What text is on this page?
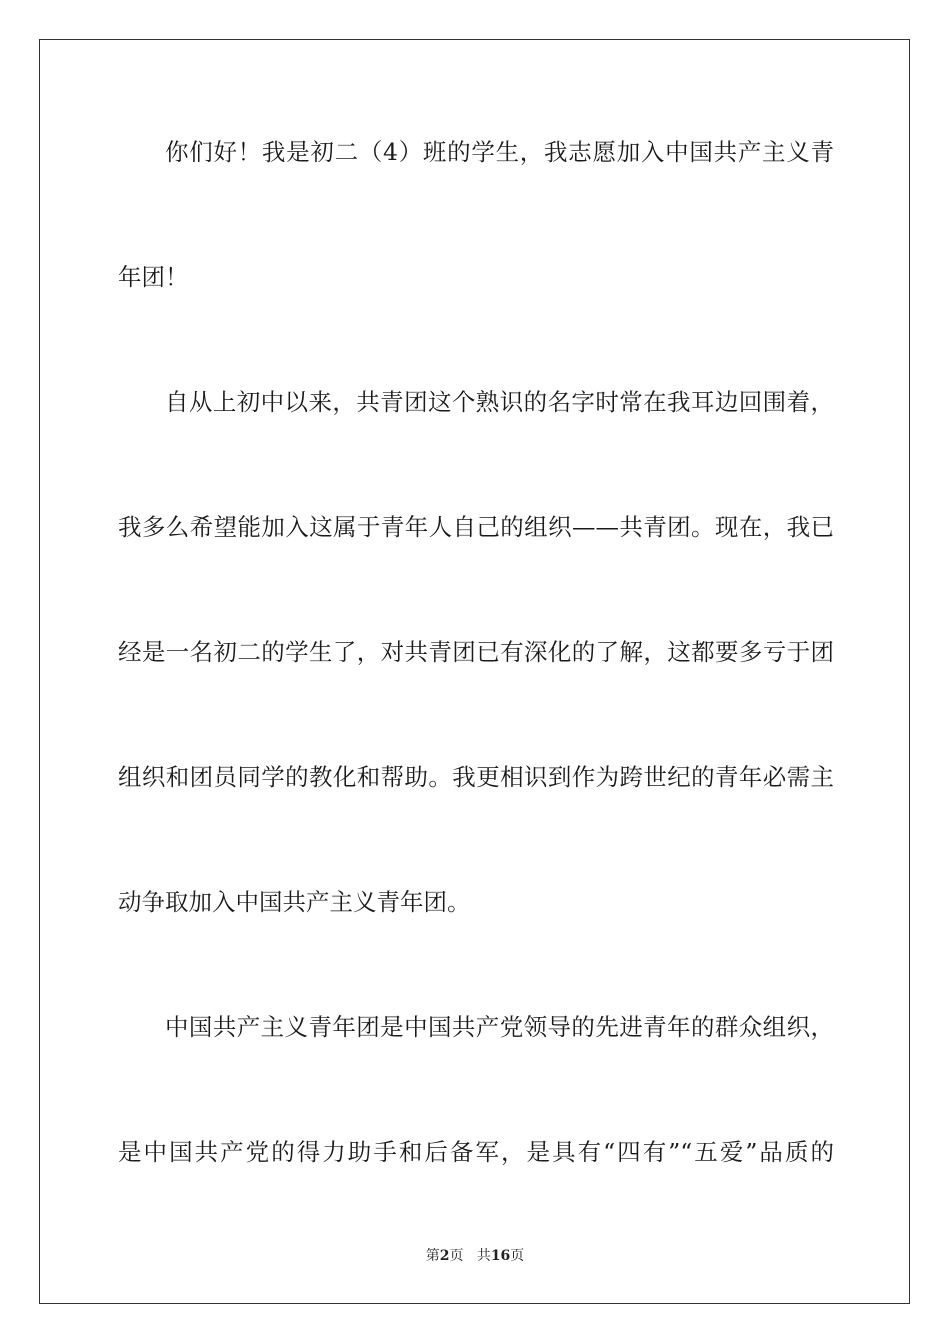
你们好！我是初二（4）班的学生，我志愿加入中国共产主义青
年团！
自从上初中以来，共青团这个熟识的名字时常在我耳边回围着，
我多么希望能加入这属于青年人自己的组织——共青团。现在，我已
经是一名初二的学生了，对共青团已有深化的了解，这都要多亏于团
组织和团员同学的教化和帮助。我更相识到作为跨世纪的青年必需主
动争取加入中国共产主义青年团。
中国共产主义青年团是中国共产党领导的先进青年的群众组织，
是中国共产党的得力助手和后备军，是具有“四有”“五爱”品质的
第2页 共16页
